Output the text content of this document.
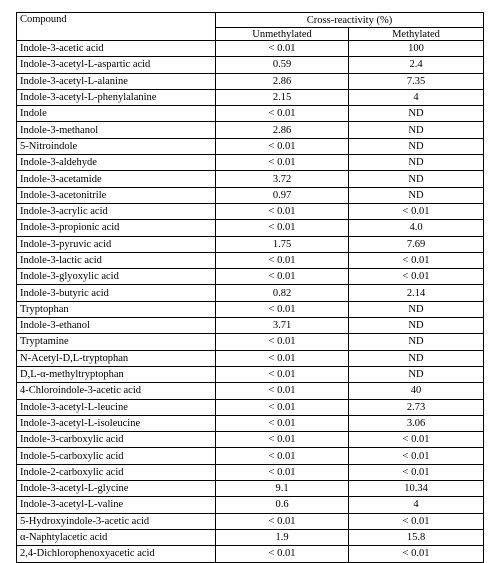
Compound	Cross-reactivity (%)	
	Unmethylated	Methylated
Indole-3-acetic acid	< 0.01	100
Indole-3-acetyl-L-aspartic acid	0.59	2.4
Indole-3-acetyl-L-alanine	2.86	7.35
Indole-3-acetyl-L-phenylalanine	2.15	4
Indole	< 0.01	ND
Indole-3-methanol	2.86	ND
5-Nitroindole	< 0.01	ND
Indole-3-aldehyde	< 0.01	ND
Indole-3-acetamide	3.72	ND
Indole-3-acetonitrile	0.97	ND
Indole-3-acrylic acid	< 0.01	< 0.01
Indole-3-propionic acid	< 0.01	4.0
Indole-3-pyruvic acid	1.75	7.69
Indole-3-lactic acid	< 0.01	< 0.01
Indole-3-glyoxylic acid	< 0.01	< 0.01
Indole-3-butyric acid	0.82	2.14
Tryptophan	< 0.01	ND
Indole-3-ethanol	3.71	ND
Tryptamine	< 0.01	ND
N-Acetyl-D,L-tryptophan	< 0.01	ND
D,L-α-methyltryptophan	< 0.01	ND
4-Chloroindole-3-acetic acid	< 0.01	40
Indole-3-acetyl-L-leucine	< 0.01	2.73
Indole-3-acetyl-L-isoleucine	< 0.01	3.06
Indole-3-carboxylic acid	< 0.01	< 0.01
Indole-5-carboxylic acid	< 0.01	< 0.01
Indole-2-carboxylic acid	< 0.01	< 0.01
Indole-3-acetyl-L-glycine	9.1	10.34
Indole-3-acetyl-L-valine	0.6	4
5-Hydroxyindole-3-acetic acid	< 0.01	< 0.01
α-Naphtylacetic acid	1.9	15.8
2,4-Dichlorophenoxyacetic acid	< 0.01	< 0.01
